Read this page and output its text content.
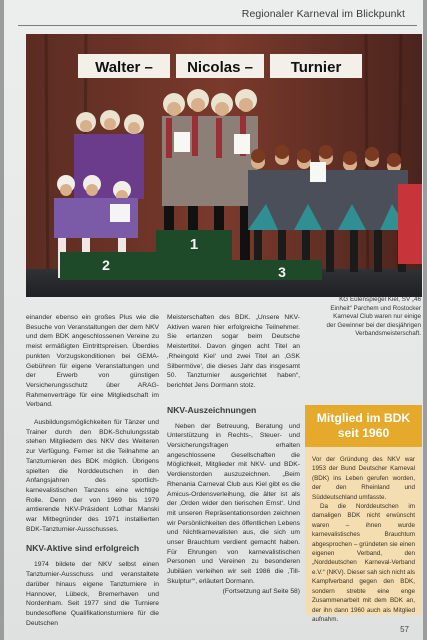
Regionaler Karneval im Blickpunkt
Walter – Nicolas –	Turnier
1
2	3
KG Eulenspiegel Kiel, SV „46 Einheit“ Parchem und Rostocker Karneval Club waren nur einige der Gewinner bei der diesjährigen Verbandsmeisterschaft.

einander ebenso ein großes Plus wie die Besuche von Veranstaltungen der dem NKV und dem BDK angeschlossenen Vereine zu meist ermäßigten Eintrittspreisen. Überdies punkten Vorzugskonditionen bei GEMA-Gebühren für eigene Veranstaltungen und der Erwerb von günstigen Versicherungsschutz über ARAG-Rahmenverträge für eine Mitgliedschaft im Verband.

Ausbildungsmöglichkeiten für Tänzer und Trainer durch den BDK-Schulungsstab stehen Mitgliedern des NKV des Weiteren zur Verfügung. Ferner ist die Teilnahme an Tanzturnieren des BDK möglich. Übrigens spielten die Norddeutschen in den Anfangsjahren des sportlich-karnevalistischen Tanzens eine wichtige Rolle. Denn der von 1969 bis 1979 amtierende NKV-Präsident Lothar Manski war Mitbegründer des 1971 installierten BDK-Tanzturnier-Ausschusses.

NKV-Aktive sind erfolgreich

1974 bildete der NKV selbst einen Tanzturnier-Ausschuss und veranstaltete darüber hinaus eigene Tanzturniere in Hannover, Lübeck, Bremerhaven und Nordenham. Seit 1977 sind die Turniere bundesoffene Qualifikationsturniere für die Deutschen

Meisterschaften des BDK. „Unsere NKV-Aktiven waren hier erfolgreiche Teilnehmer. Sie ertanzen sogar beim Deutsche Meistertitel. Davon gingen acht Titel an ‚Rheingold Kiel‘ und zwei Titel an ‚GSK Silbermöve‘, die dieses Jahr das insgesamt 50. Tanzturnier ausgerichtet haben“, berichtet Jens Dormann stolz.

NKV-Auszeichnungen

Neben der Betreuung, Beratung und Unterstützung in Rechts-, Steuer- und Versicherungsfragen erhalten angeschlossene Gesellschaften die Möglichkeit, Mitglieder mit NKV- und BDK-Verdienstorden auszuzeichnen. „Beim Rhenania Carneval Club aus Kiel gibt es die Amicus-Ordensverleihung, die älter ist als der ‚Orden wider den tierischen Ernst‘. Und mit unseren Repräsentationsorden zeichnen wir Persönlichkeiten des öffentlichen Lebens und Nichtkarnevalisten aus, die sich um unser Brauchtum verdient gemacht haben. Für Ehrungen von karnevalistischen Personen und Vereinen zu besonderen Jubiläen verleihen wir seit 1986 die ‚Till-Skulptur‘“, erläutert Dormann.

(Fortsetzung auf Seite 58)

Mitglied im BDK seit 1960

Vor der Gründung des NKV war 1953 der Bund Deutscher Karneval (BDK) ins Leben gerufen worden, der den Rheinland und Süddeutschland umfasste.

Da die Norddeutschen im damaligen BDK nicht erwünscht waren – ihnen wurde karnevalistisches Brauchtum abgesprochen – gründeten sie einen eigenen Verband, den „Norddeutschen Karneval-Verband e.V.“ (NKV). Dieser sah sich nicht als Kampfverband gegen den BDK, sondern strebte eine enge Zusammenarbeit mit dem BDK an, der ihn dann 1960 auch als Mitglied aufnahm.

57
